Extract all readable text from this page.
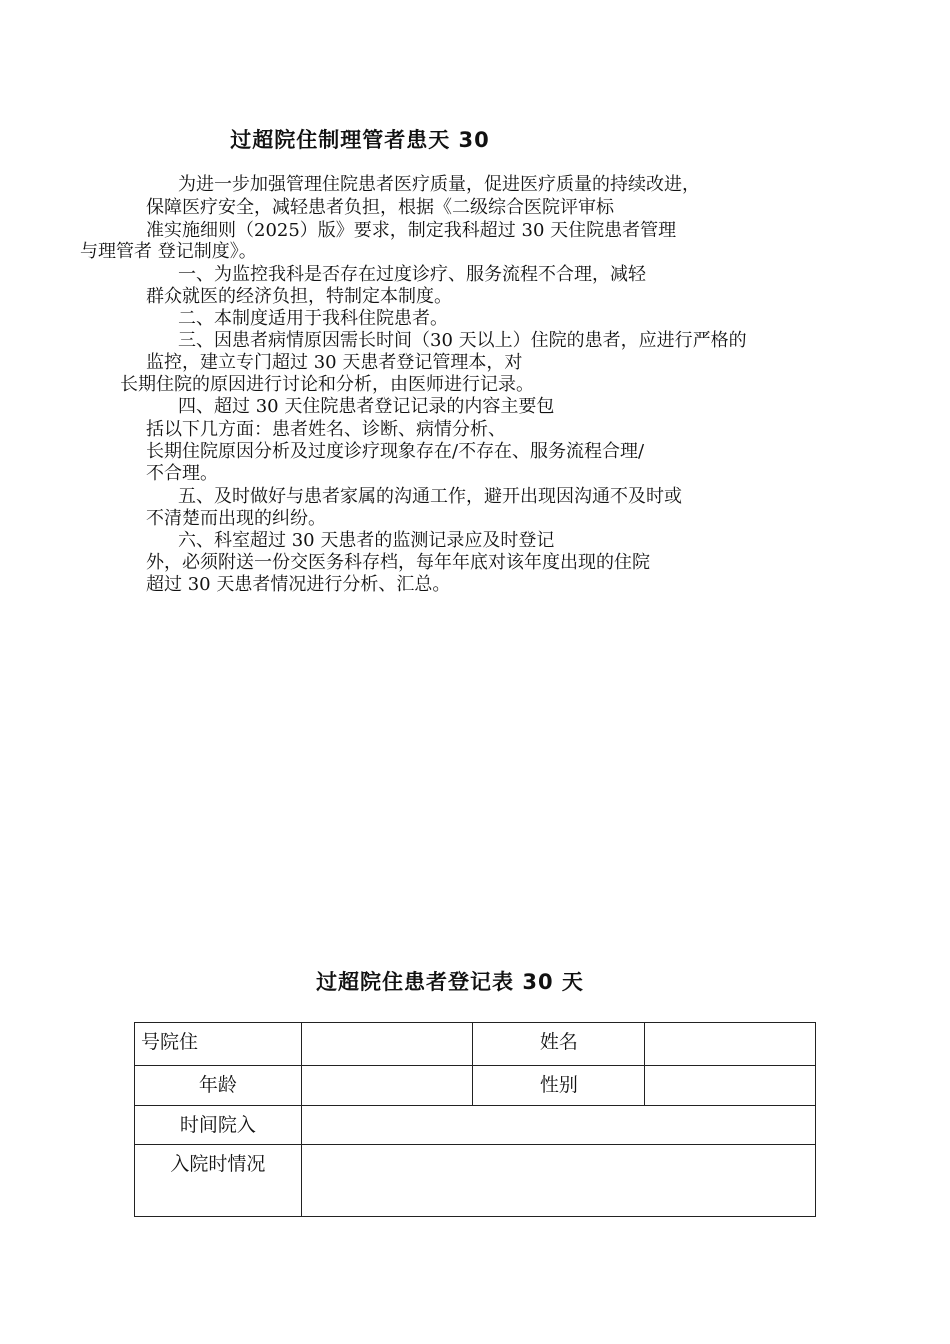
过超院住制理管者患天 30
为进一步加强管理住院患者医疗质量，促进医疗质量的持续改进，
保障医疗安全，减轻患者负担，根据《二级综合医院评审标
准实施细则（2025）版》要求，制定我科超过 30 天住院患者管理
与理管者 登记制度》。
一、为监控我科是否存在过度诊疗、服务流程不合理，减轻
群众就医的经济负担，特制定本制度。
二、本制度适用于我科住院患者。
三、因患者病情原因需长时间（30 天以上）住院的患者，应进行严格的
监控，建立专门超过 30 天患者登记管理本，对
长期住院的原因进行讨论和分析，由医师进行记录。
四、超过 30 天住院患者登记记录的内容主要包
括以下几方面：患者姓名、诊断、病情分析、
长期住院原因分析及过度诊疗现象存在/不存在、服务流程合理/
不合理。
五、及时做好与患者家属的沟通工作，避开出现因沟通不及时或
不清楚而出现的纠纷。
六、科室超过 30 天患者的监测记录应及时登记
外，必须附送一份交医务科存档，每年年底对该年度出现的住院
超过 30 天患者情况进行分析、汇总。
过超院住患者登记表 30 天
号院住		姓名	
年龄		性别	
时间院入			
入院时情况			
